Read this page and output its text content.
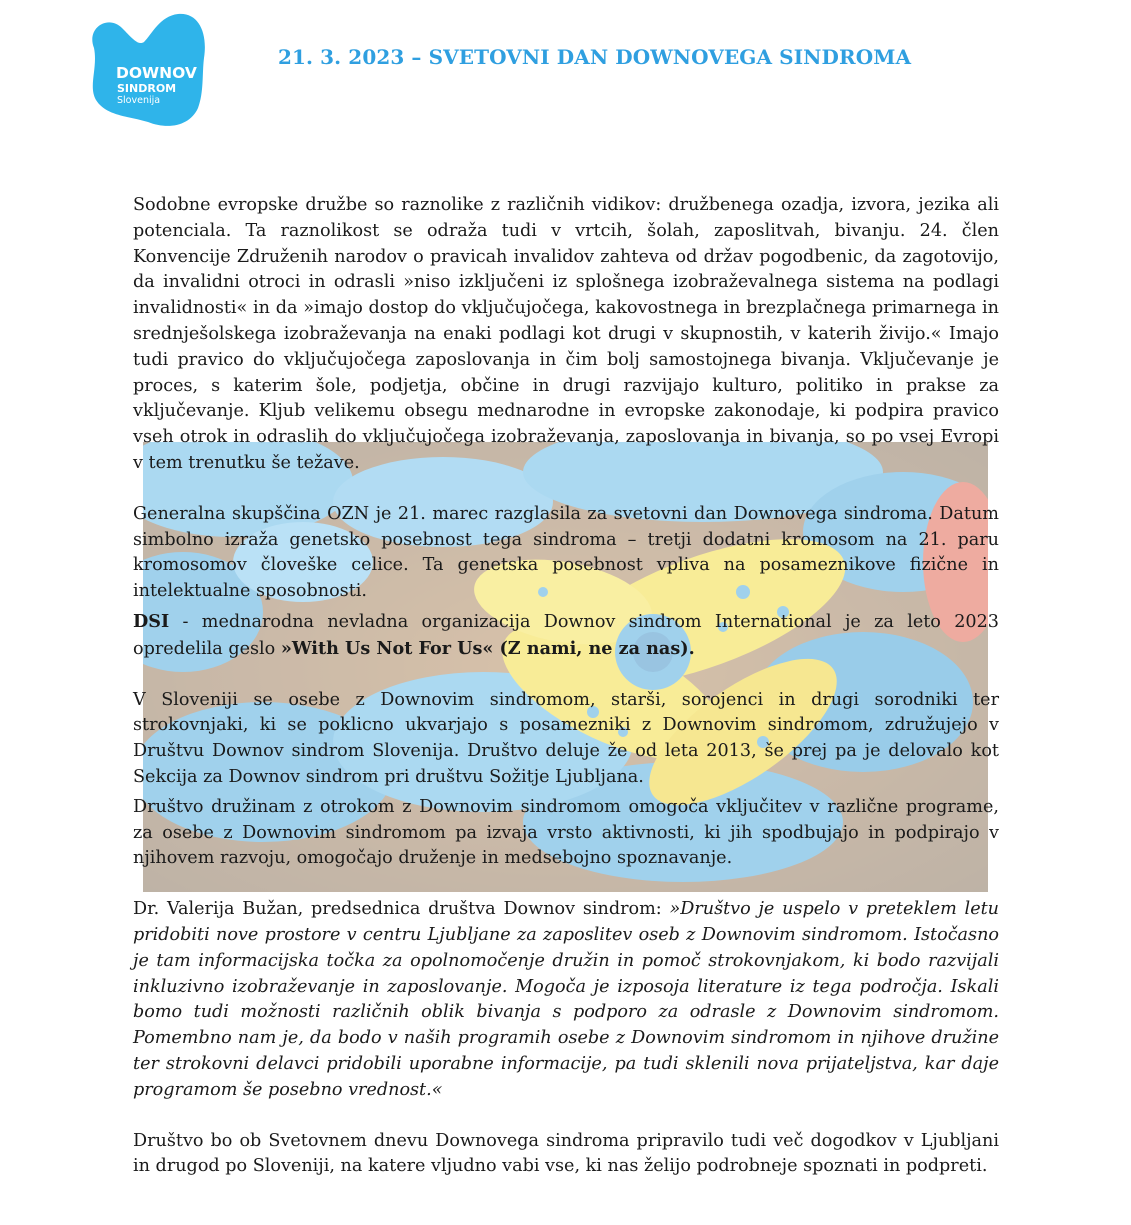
DOWNOV
SINDROM
Slovenija
21. 3. 2023 – SVETOVNI DAN DOWNOVEGA SINDROMA

Sodobne evropske družbe so raznolike z različnih vidikov: družbenega ozadja, izvora, jezika ali potenciala. Ta raznolikost se odraža tudi v vrtcih, šolah, zaposlitvah, bivanju. 24. člen Konvencije Združenih narodov o pravicah invalidov zahteva od držav pogodbenic, da zagotovijo, da invalidni otroci in odrasli »niso izključeni iz splošnega izobraževalnega sistema na podlagi invalidnosti« in da »imajo dostop do vključujočega, kakovostnega in brezplačnega primarnega in srednješolskega izobraževanja na enaki podlagi kot drugi v skupnostih, v katerih živijo.« Imajo tudi pravico do vključujočega zaposlovanja in čim bolj samostojnega bivanja. Vključevanje je proces, s katerim šole, podjetja, občine in drugi razvijajo kulturo, politiko in prakse za vključevanje. Kljub velikemu obsegu mednarodne in evropske zakonodaje, ki podpira pravico vseh otrok in odraslih do vključujočega izobraževanja, zaposlovanja in bivanja, so po vsej Evropi v tem trenutku še težave.

Generalna skupščina OZN je 21. marec razglasila za svetovni dan Downovega sindroma. Datum simbolno izraža genetsko posebnost tega sindroma – tretji dodatni kromosom na 21. paru kromosomov človeške celice. Ta genetska posebnost vpliva na posameznikove fizične in intelektualne sposobnosti.

DSI - mednarodna nevladna organizacija Downov sindrom International je za leto 2023 opredelila geslo »With Us Not For Us« (Z nami, ne za nas).

V Sloveniji se osebe z Downovim sindromom, starši, sorojenci in drugi sorodniki ter strokovnjaki, ki se poklicno ukvarjajo s posamezniki z Downovim sindromom, združujejo v Društvu Downov sindrom Slovenija. Društvo deluje že od leta 2013, še prej pa je delovalo kot Sekcija za Downov sindrom pri društvu Sožitje Ljubljana.

Društvo družinam z otrokom z Downovim sindromom omogoča vključitev v različne programe, za osebe z Downovim sindromom pa izvaja vrsto aktivnosti, ki jih spodbujajo in podpirajo v njihovem razvoju, omogočajo druženje in medsebojno spoznavanje.

Dr. Valerija Bužan, predsednica društva Downov sindrom: »Društvo je uspelo v preteklem letu pridobiti nove prostore v centru Ljubljane za zaposlitev oseb z Downovim sindromom. Istočasno je tam informacijska točka za opolnomočenje družin in pomoč strokovnjakom, ki bodo razvijali inkluzivno izobraževanje in zaposlovanje. Mogoča je izposoja literature iz tega področja. Iskali bomo tudi možnosti različnih oblik bivanja s podporo za odrasle z Downovim sindromom. Pomembno nam je, da bodo v naših programih osebe z Downovim sindromom in njihove družine ter strokovni delavci pridobili uporabne informacije, pa tudi sklenili nova prijateljstva, kar daje programom še posebno vrednost.«

Društvo bo ob Svetovnem dnevu Downovega sindroma pripravilo tudi več dogodkov v Ljubljani in drugod po Sloveniji, na katere vljudno vabi vse, ki nas želijo podrobneje spoznati in podpreti.
